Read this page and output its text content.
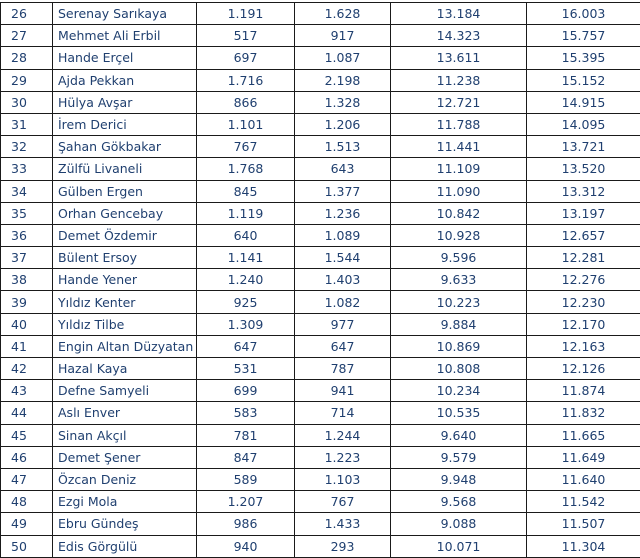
26	Serenay Sarıkaya	1.191	1.628	13.184	16.003
27	Mehmet Ali Erbil	517	917	14.323	15.757
28	Hande Erçel	697	1.087	13.611	15.395
29	Ajda Pekkan	1.716	2.198	11.238	15.152
30	Hülya Avşar	866	1.328	12.721	14.915
31	İrem Derici	1.101	1.206	11.788	14.095
32	Şahan Gökbakar	767	1.513	11.441	13.721
33	Zülfü Livaneli	1.768	643	11.109	13.520
34	Gülben Ergen	845	1.377	11.090	13.312
35	Orhan Gencebay	1.119	1.236	10.842	13.197
36	Demet Özdemir	640	1.089	10.928	12.657
37	Bülent Ersoy	1.141	1.544	9.596	12.281
38	Hande Yener	1.240	1.403	9.633	12.276
39	Yıldız Kenter	925	1.082	10.223	12.230
40	Yıldız Tilbe	1.309	977	9.884	12.170
41	Engin Altan Düzyatan	647	647	10.869	12.163
42	Hazal Kaya	531	787	10.808	12.126
43	Defne Samyeli	699	941	10.234	11.874
44	Aslı Enver	583	714	10.535	11.832
45	Sinan Akçıl	781	1.244	9.640	11.665
46	Demet Şener	847	1.223	9.579	11.649
47	Özcan Deniz	589	1.103	9.948	11.640
48	Ezgi Mola	1.207	767	9.568	11.542
49	Ebru Gündeş	986	1.433	9.088	11.507
50	Edis Görgülü	940	293	10.071	11.304
